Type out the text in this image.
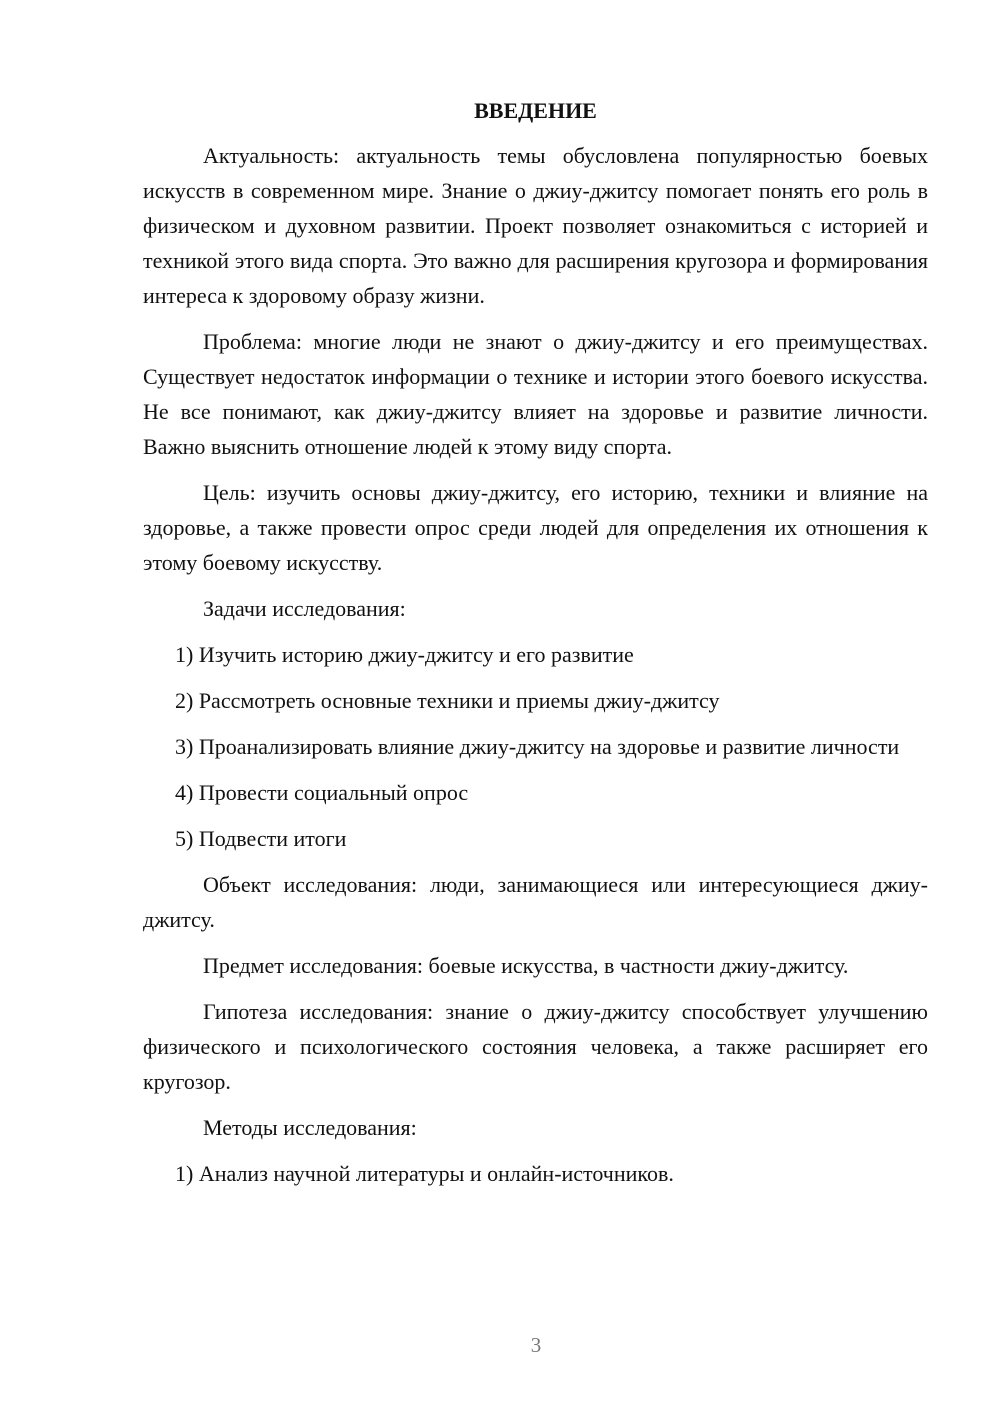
ВВЕДЕНИЕ

Актуальность: актуальность темы обусловлена популярностью боевых искусств в современном мире. Знание о джиу-джитсу помогает понять его роль в физическом и духовном развитии. Проект позволяет ознакомиться с историей и техникой этого вида спорта. Это важно для расширения кругозора и формирования интереса к здоровому образу жизни.

Проблема: многие люди не знают о джиу-джитсу и его преимуществах. Существует недостаток информации о технике и истории этого боевого искусства. Не все понимают, как джиу-джитсу влияет на здоровье и развитие личности. Важно выяснить отношение людей к этому виду спорта.

Цель: изучить основы джиу-джитсу, его историю, техники и влияние на здоровье, а также провести опрос среди людей для определения их отношения к этому боевому искусству.

Задачи исследования:

1) Изучить историю джиу-джитсу и его развитие

2) Рассмотреть основные техники и приемы джиу-джитсу

3) Проанализировать влияние джиу-джитсу на здоровье и развитие личности

4) Провести социальный опрос

5) Подвести итоги

Объект исследования: люди, занимающиеся или интересующиеся джиу-джитсу.

Предмет исследования: боевые искусства, в частности джиу-джитсу.

Гипотеза исследования: знание о джиу-джитсу способствует улучшению физического и психологического состояния человека, а также расширяет его кругозор.

Методы исследования:

1) Анализ научной литературы и онлайн-источников.

3
